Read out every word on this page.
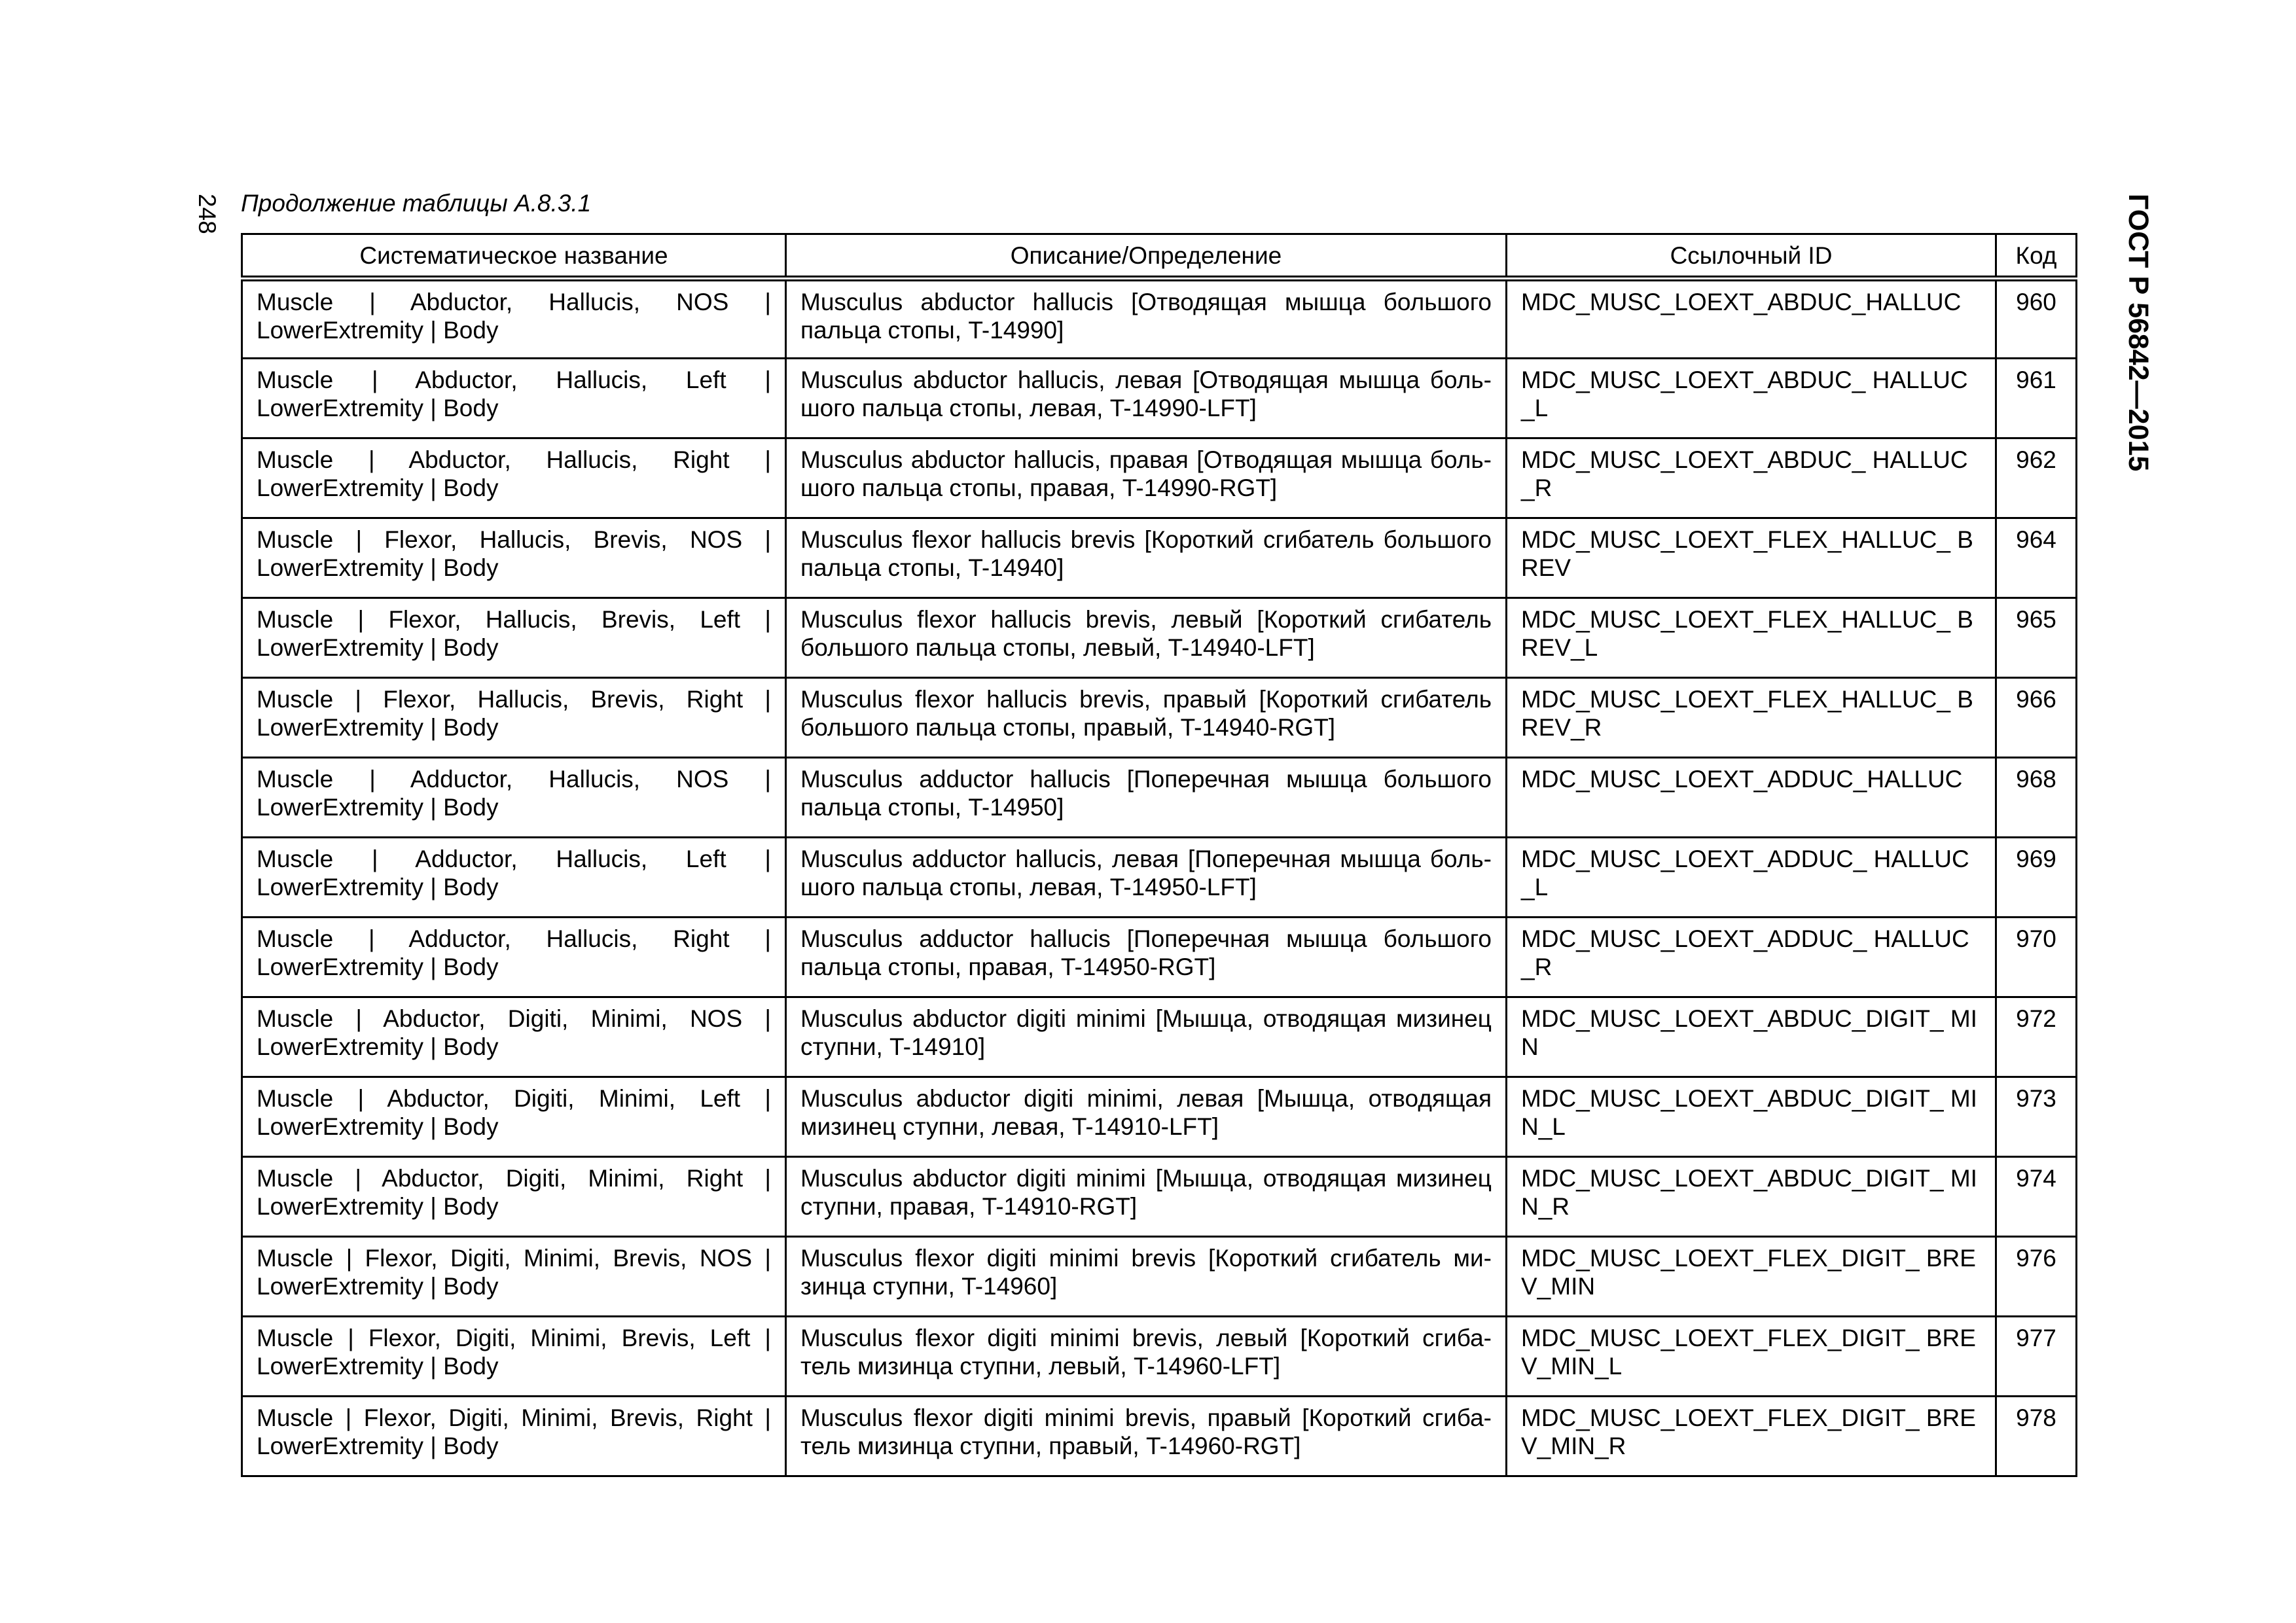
248	ГОСТ Р 56842—2015
Продолжение таблицы А.8.3.1
Систематическое название	Описание/Определение	Ссылочный ID	Код
Muscle | Abductor, Hallucis, NOS | LowerExtremity | Body	Musculus abductor hallucis [Отводящая мышца большого пальца стопы, T-14990]	MDC_MUSC_LOEXT_ABDUC_HALLUC	960
Muscle | Abductor, Hallucis, Left | LowerExtremity | Body	Musculus abductor hallucis, левая [Отводящая мышца большого пальца стопы, левая, T-14990-LFT]	MDC_MUSC_LOEXT_ABDUC_ HALLUC_L	961
Muscle | Abductor, Hallucis, Right | LowerExtremity | Body	Musculus abductor hallucis, правая [Отводящая мышца большого пальца стопы, правая, T-14990-RGT]	MDC_MUSC_LOEXT_ABDUC_ HALLUC_R	962
Muscle | Flexor, Hallucis, Brevis, NOS | LowerExtremity | Body	Musculus flexor hallucis brevis [Короткий сгибатель большого пальца стопы, T-14940]	MDC_MUSC_LOEXT_FLEX_HALLUC_ BREV	964
Muscle | Flexor, Hallucis, Brevis, Left | LowerExtremity | Body	Musculus flexor hallucis brevis, левый [Короткий сгибатель большого пальца стопы, левый, T-14940-LFT]	MDC_MUSC_LOEXT_FLEX_HALLUC_ BREV_L	965
Muscle | Flexor, Hallucis, Brevis, Right | LowerExtremity | Body	Musculus flexor hallucis brevis, правый [Короткий сгибатель большого пальца стопы, правый, T-14940-RGT]	MDC_MUSC_LOEXT_FLEX_HALLUC_ BREV_R	966
Muscle | Adductor, Hallucis, NOS | LowerExtremity | Body	Musculus adductor hallucis [Поперечная мышца большого пальца стопы, T-14950]	MDC_MUSC_LOEXT_ADDUC_HALLUC	968
Muscle | Adductor, Hallucis, Left | LowerExtremity | Body	Musculus adductor hallucis, левая [Поперечная мышца большого пальца стопы, левая, T-14950-LFT]	MDC_MUSC_LOEXT_ADDUC_ HALLUC_L	969
Muscle | Adductor, Hallucis, Right | LowerExtremity | Body	Musculus adductor hallucis [Поперечная мышца большого пальца стопы, правая, T-14950-RGT]	MDC_MUSC_LOEXT_ADDUC_ HALLUC_R	970
Muscle | Abductor, Digiti, Minimi, NOS | LowerExtremity | Body	Musculus abductor digiti minimi [Мышца, отводящая мизинец ступни, T-14910]	MDC_MUSC_LOEXT_ABDUC_DIGIT_ MIN	972
Muscle | Abductor, Digiti, Minimi, Left | LowerExtremity | Body	Musculus abductor digiti minimi, левая [Мышца, отводящая мизинец ступни, левая, T-14910-LFT]	MDC_MUSC_LOEXT_ABDUC_DIGIT_ MIN_L	973
Muscle | Abductor, Digiti, Minimi, Right | LowerExtremity | Body	Musculus abductor digiti minimi [Мышца, отводящая мизинец ступни, правая, T-14910-RGT]	MDC_MUSC_LOEXT_ABDUC_DIGIT_ MIN_R	974
Muscle | Flexor, Digiti, Minimi, Brevis, NOS | LowerExtremity | Body	Musculus flexor digiti minimi brevis [Короткий сгибатель мизинца ступни, T-14960]	MDC_MUSC_LOEXT_FLEX_DIGIT_ BREV_MIN	976
Muscle | Flexor, Digiti, Minimi, Brevis, Left | LowerExtremity | Body	Musculus flexor digiti minimi brevis, левый [Короткий сгибатель мизинца ступни, левый, T-14960-LFT]	MDC_MUSC_LOEXT_FLEX_DIGIT_ BREV_MIN_L	977
Muscle | Flexor, Digiti, Minimi, Brevis, Right | LowerExtremity | Body	Musculus flexor digiti minimi brevis, правый [Короткий сгибатель мизинца ступни, правый, T-14960-RGT]	MDC_MUSC_LOEXT_FLEX_DIGIT_ BREV_MIN_R	978
